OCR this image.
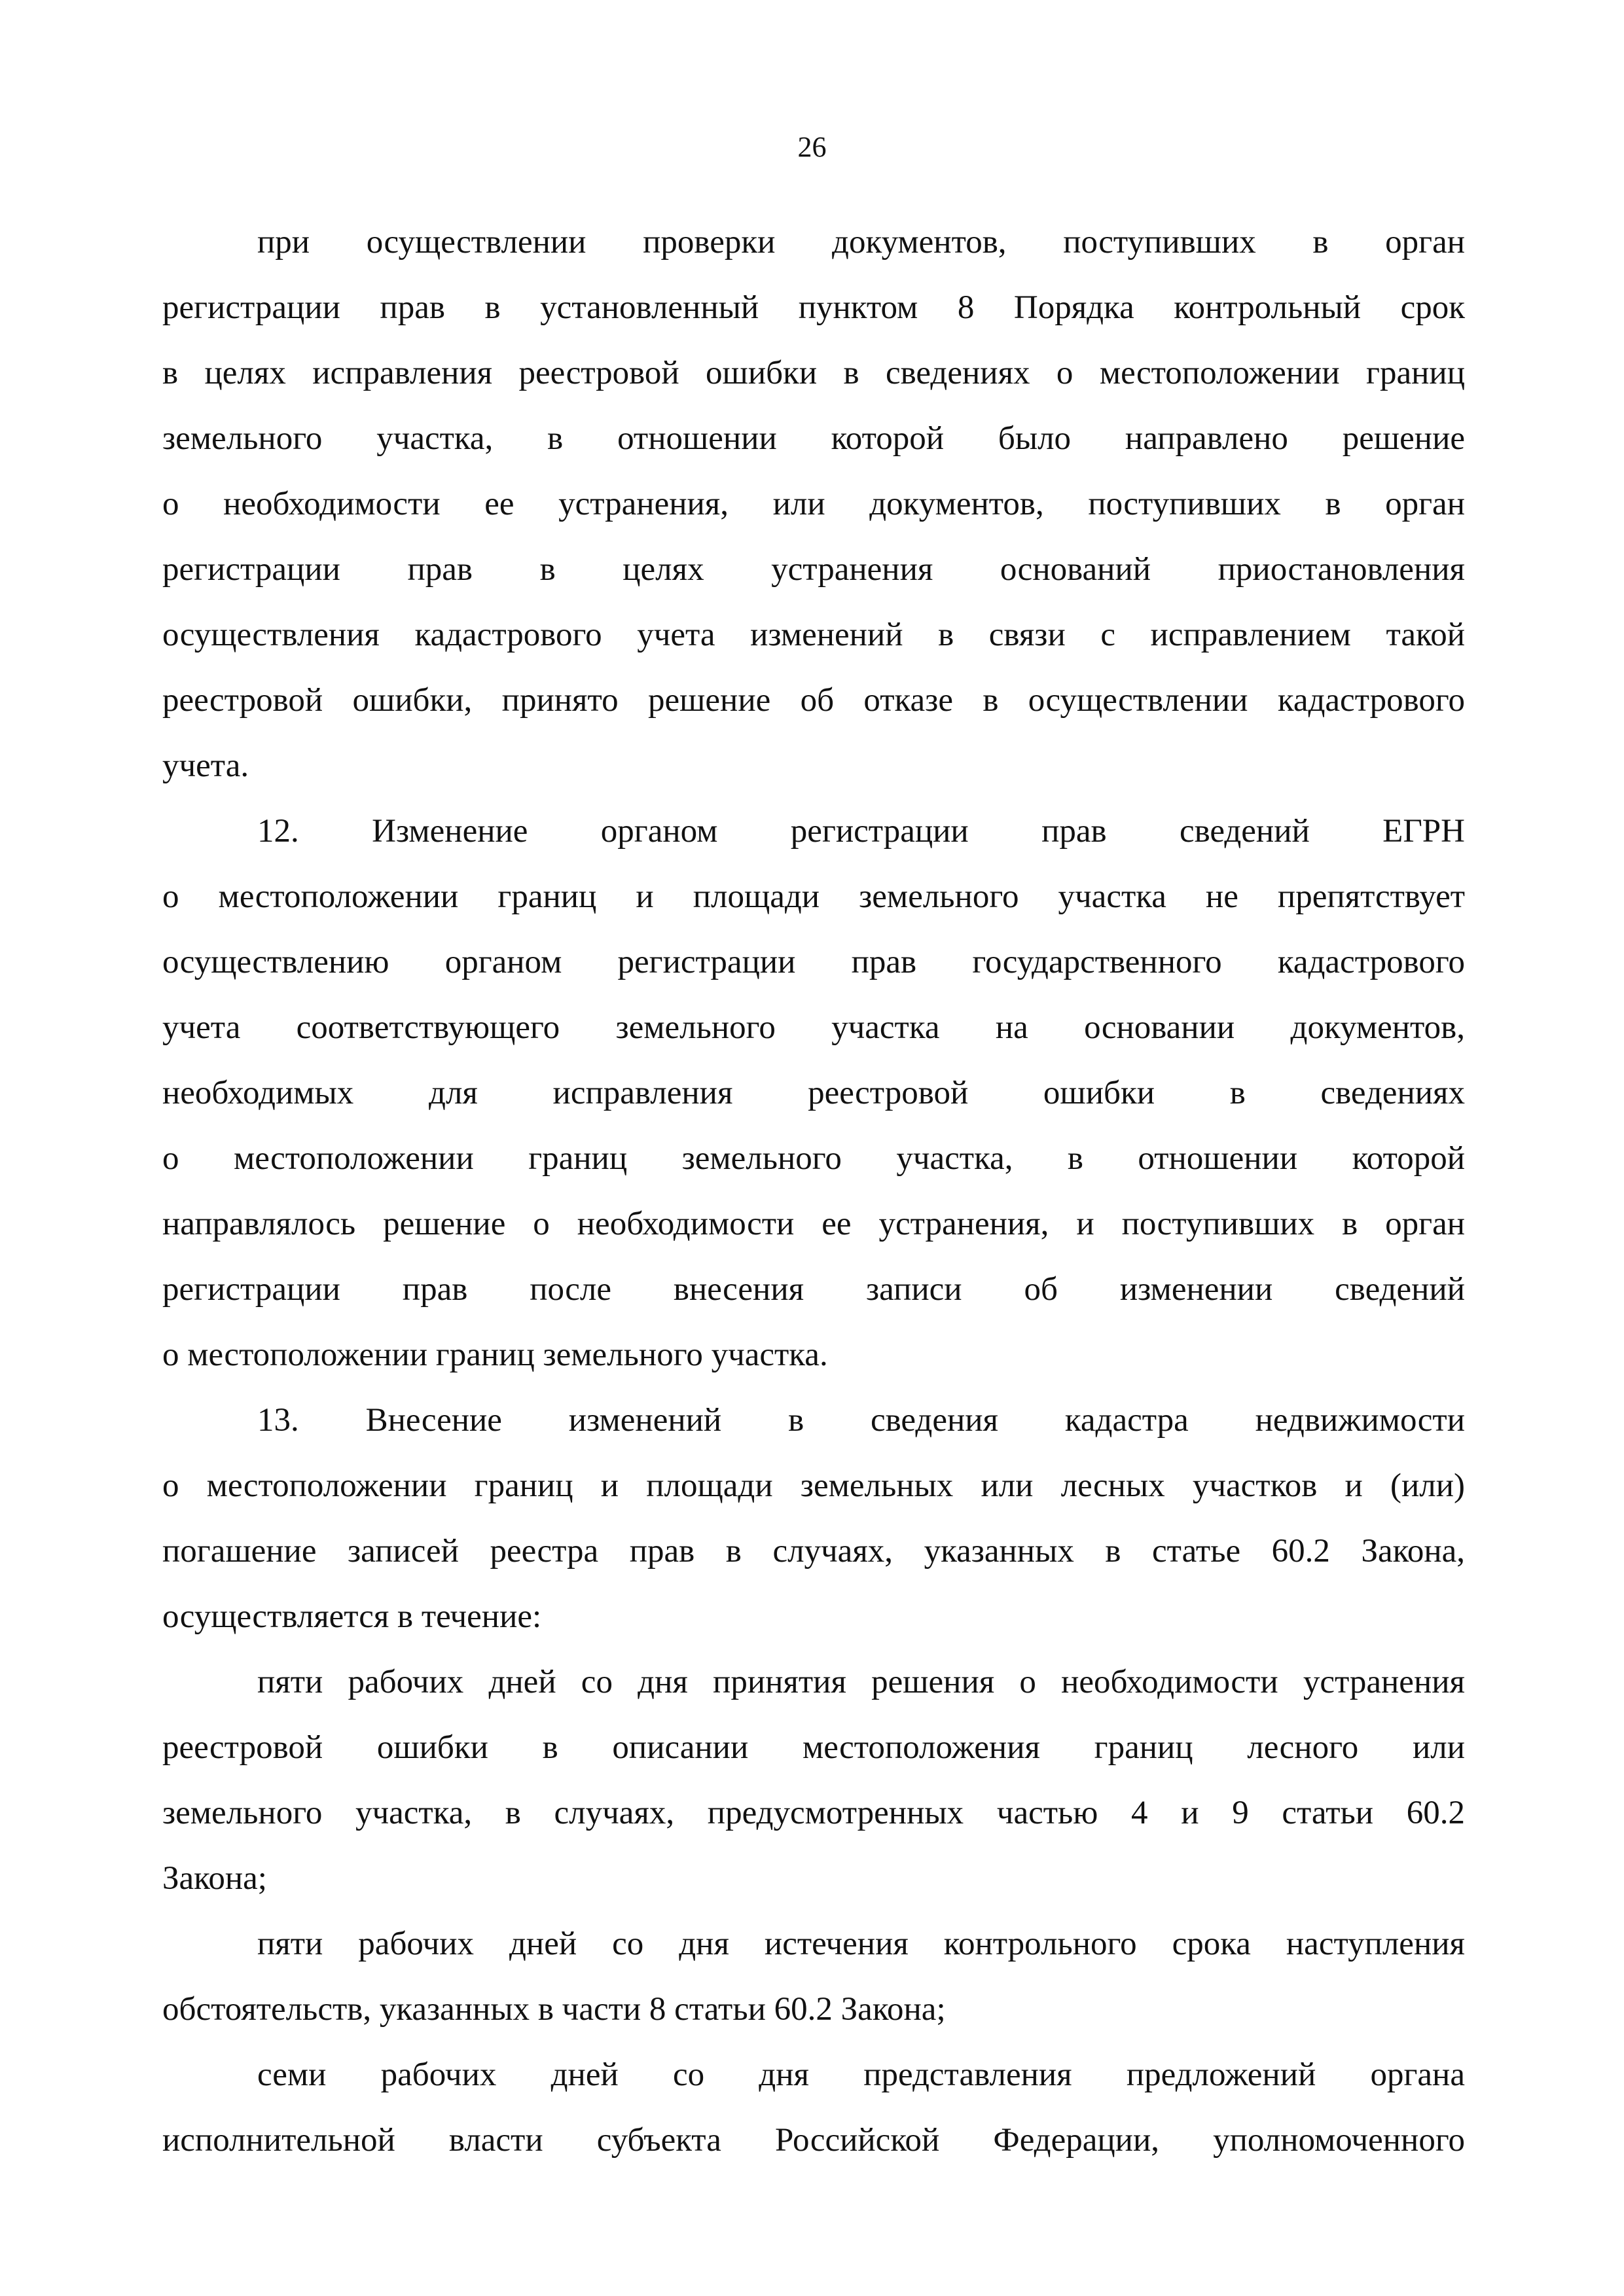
26
при осуществлении проверки документов, поступивших в орган
регистрации прав в установленный пунктом 8 Порядка контрольный срок
в целях исправления реестровой ошибки в сведениях о местоположении границ
земельного участка, в отношении которой было направлено решение
о необходимости ее устранения, или документов, поступивших в орган
регистрации прав в целях устранения оснований приостановления
осуществления кадастрового учета изменений в связи с исправлением такой
реестровой ошибки, принято решение об отказе в осуществлении кадастрового
учета.
12. Изменение органом регистрации прав сведений ЕГРН
о местоположении границ и площади земельного участка не препятствует
осуществлению органом регистрации прав государственного кадастрового
учета соответствующего земельного участка на основании документов,
необходимых для исправления реестровой ошибки в сведениях
о местоположении границ земельного участка, в отношении которой
направлялось решение о необходимости ее устранения, и поступивших в орган
регистрации прав после внесения записи об изменении сведений
о местоположении границ земельного участка.
13. Внесение изменений в сведения кадастра недвижимости
о местоположении границ и площади земельных или лесных участков и (или)
погашение записей реестра прав в случаях, указанных в статье 60.2 Закона,
осуществляется в течение:
пяти рабочих дней со дня принятия решения о необходимости устранения
реестровой ошибки в описании местоположения границ лесного или
земельного участка, в случаях, предусмотренных частью 4 и 9 статьи 60.2
Закона;
пяти рабочих дней со дня истечения контрольного срока наступления
обстоятельств, указанных в части 8 статьи 60.2 Закона;
семи рабочих дней со дня представления предложений органа
исполнительной власти субъекта Российской Федерации, уполномоченного
